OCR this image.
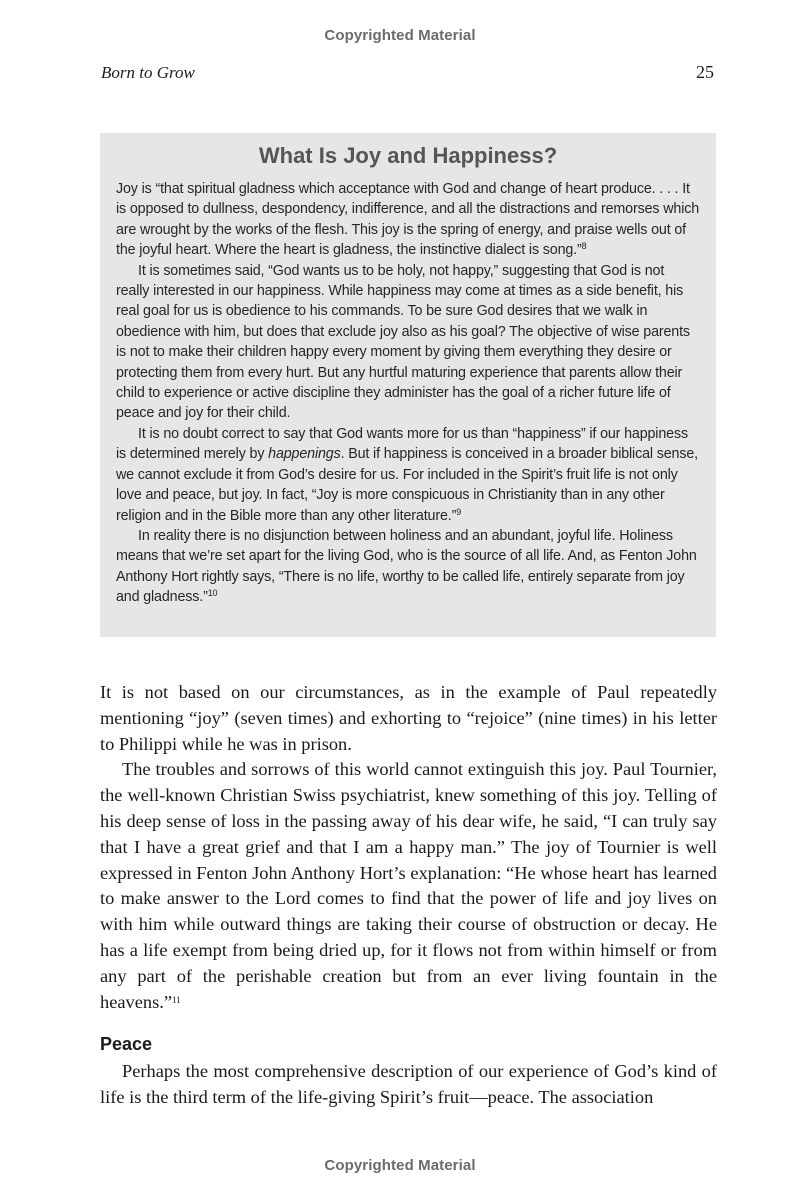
Copyrighted Material
Born to Grow	25
What Is Joy and Happiness?

Joy is “that spiritual gladness which acceptance with God and change of heart produce. . . . It is opposed to dullness, despondency, indifference, and all the distractions and remorses which are wrought by the works of the flesh. This joy is the spring of energy, and praise wells out of the joyful heart. Where the heart is gladness, the instinctive dialect is song.”$^8$

It is sometimes said, “God wants us to be holy, not happy,” suggesting that God is not really interested in our happiness. While happiness may come at times as a side benefit, his real goal for us is obedience to his commands. To be sure God desires that we walk in obedience with him, but does that exclude joy also as his goal? The objective of wise parents is not to make their children happy every moment by giving them everything they desire or protecting them from every hurt. But any hurtful maturing experience that parents allow their child to experience or active discipline they administer has the goal of a richer future life of peace and joy for their child.

It is no doubt correct to say that God wants more for us than “happiness” if our happiness is determined merely by happenings. But if happiness is conceived in a broader biblical sense, we cannot exclude it from God’s desire for us. For included in the Spirit’s fruit life is not only love and peace, but joy. In fact, “Joy is more conspicuous in Christianity than in any other religion and in the Bible more than any other literature.”$^9$

In reality there is no disjunction between holiness and an abundant, joyful life. Holiness means that we’re set apart for the living God, who is the source of all life. And, as Fenton John Anthony Hort rightly says, “There is no life, worthy to be called life, entirely separate from joy and gladness.”$^{10}$

It is not based on our circumstances, as in the example of Paul repeatedly mentioning “joy” (seven times) and exhorting to “rejoice” (nine times) in his letter to Philippi while he was in prison.

The troubles and sorrows of this world cannot extinguish this joy. Paul Tournier, the well-known Christian Swiss psychiatrist, knew something of this joy. Telling of his deep sense of loss in the passing away of his dear wife, he said, “I can truly say that I have a great grief and that I am a happy man.” The joy of Tournier is well expressed in Fenton John Anthony Hort’s explanation: “He whose heart has learned to make answer to the Lord comes to find that the power of life and joy lives on with him while outward things are taking their course of obstruction or decay. He has a life exempt from being dried up, for it flows not from within himself or from any part of the perishable creation but from an ever living fountain in the heavens.”$^{11}$

Peace

Perhaps the most comprehensive description of our experience of God’s kind of life is the third term of the life-giving Spirit’s fruit—peace. The association

Copyrighted Material
